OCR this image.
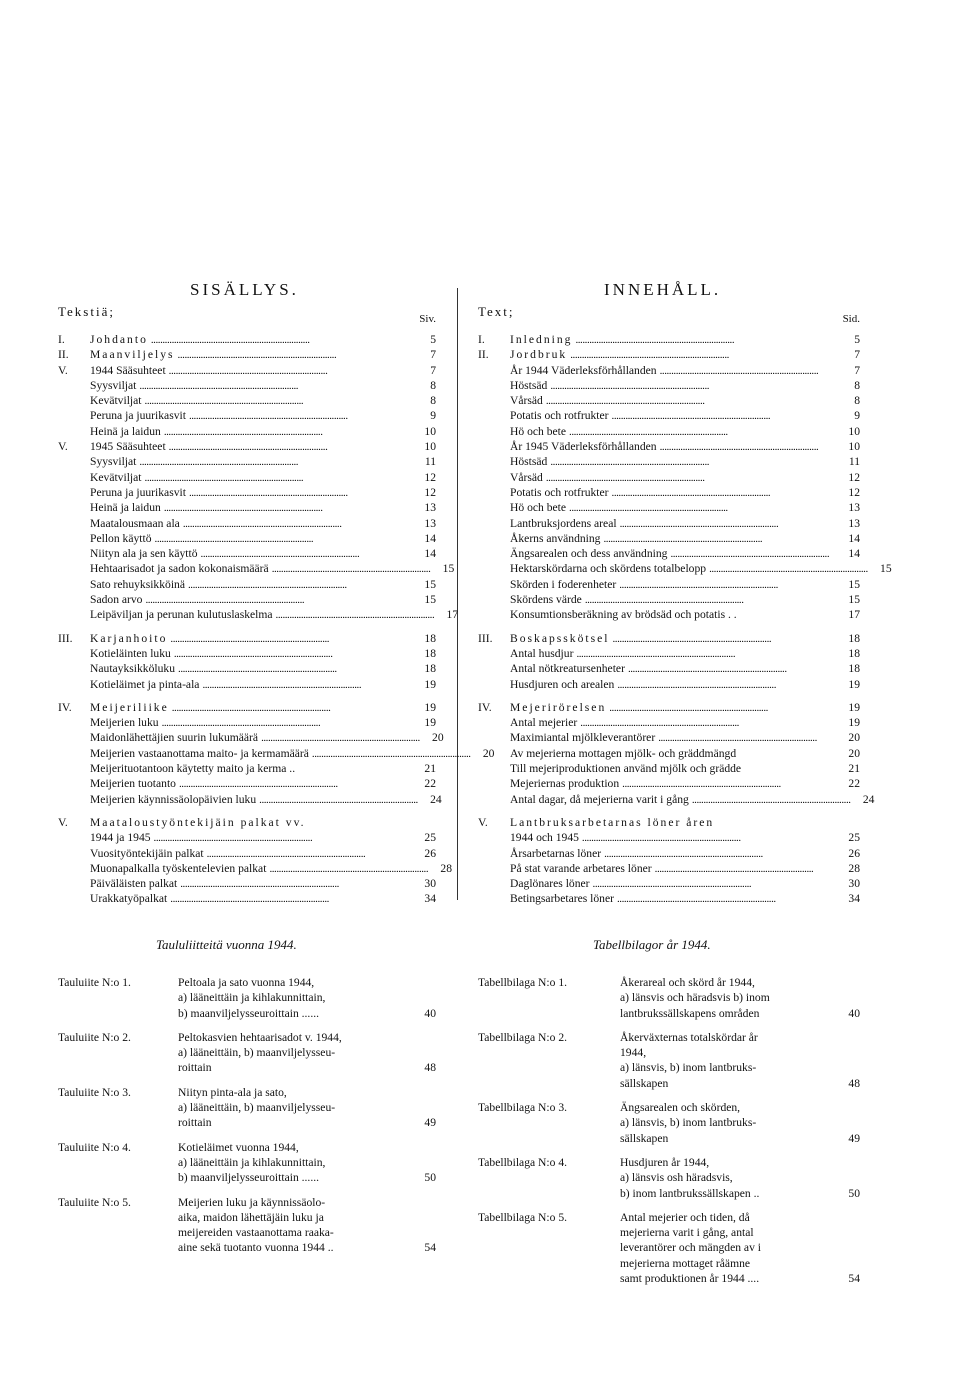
SISÄLLYS.
Tekstiä;	Siv.
I.	Johdanto . . .	5
II.	Maanviljelys . . .	7
V.	1944 Sääsuhteet . . .	7
Syysviljat . . .	8
Kevätviljat . . .	8
Peruna ja juurikasvit . . .	9
Heinä ja laidun . . .	10
V.	1945 Sääsuhteet . . .	10
Syysviljat . . .	11
Kevätviljat . . .	12
Peruna ja juurikasvit . . .	12
Heinä ja laidun . . .	13
Maatalousmaan ala . . .	13
Pellon käyttö . . .	14
Niityn ala ja sen käyttö . . .	14
Hehtaarisadot ja sadon kokonaismäärä . . .	15
Sato rehuyksikköinä . . .	15
Sadon arvo . . .	15
Leipäviljan ja perunan kulutuslaskelma . . .	17
III.	Karjanhoito . . .	18
Kotieläinten luku . . .	18
Nautayksikköluku . . .	18
Kotieläimet ja pinta-ala . . .	19
IV.	Meijeriliike . . .	19
Meijerien luku . . .	19
Maidonlähettäjien suurin lukumäärä . . .	20
Meijerien vastaanottama maito- ja kermamäärä . . .	20
Meijerituotantoon käytetty maito ja kerma ..	21
Meijerien tuotanto . . .	22
Meijerien käynnissäolopäivien luku . . .	24
V.	Maataloustyöntekijäin palkat vv.
1944 ja 1945 . . .	25
Vuosityöntekijäin palkat . . .	26
Muonapalkalla työskentelevien palkat . . .	28
Päiväläisten palkat . . .	30
Urakkatyöpalkat . . .	34
Taululiitteitä vuonna 1944.
Tauluiite N:o 1.	Peltoala ja sato vuonna 1944,
a) lääneittäin ja kihlakunnittain,
b) maanviljelysseuroittain ......	40
Tauluiite N:o 2.	Peltokasvien hehtaarisadot v. 1944,
a) lääneittäin, b) maanviljelysseu-
roittain	48
Tauluiite N:o 3.	Niityn pinta-ala ja sato,
a) lääneittäin, b) maanviljelysseu-
roittain	49
Tauluiite N:o 4.	Kotieläimet vuonna 1944,
a) lääneittäin ja kihlakunnittain,
b) maanviljelysseuroittain ......	50
Tauluiite N:o 5.	Meijerien luku ja käynnissäolo-
aika, maidon lähettäjäin luku ja
meijereiden vastaanottama raaka-
aine sekä tuotanto vuonna 1944 ..	54
INNEHÅLL.
Text;	Sid.
I.	Inledning . . .	5
II.	Jordbruk . . .	7
År 1944 Väderleksförhållanden . . .	7
Höstsäd . . .	8
Vårsäd . . .	8
Potatis och rotfrukter . . .	9
Hö och bete . . .	10
År 1945 Väderleksförhållanden . . .	10
Höstsäd . . .	11
Vårsäd . . .	12
Potatis och rotfrukter . . .	12
Hö och bete . . .	13
Lantbruksjordens areal . . .	13
Åkerns användning . . .	14
Ängsarealen och dess användning . . .	14
Hektarskördarna och skördens totalbelopp . . .	15
Skörden i foderenheter . . .	15
Skördens värde . . .	15
Konsumtionsberäkning av brödsäd och potatis . .	17
III.	Boskapsskötsel . . .	18
Antal husdjur . . .	18
Antal nötkreatursenheter . . .	18
Husdjuren och arealen . . .	19
IV.	Mejerirörelsen . . .	19
Antal mejerier . . .	19
Maximiantal mjölkleverantörer . . .	20
Av mejerierna mottagen mjölk- och gräddmängd	20
Till mejeriproduktionen använd mjölk och grädde	21
Mejeriernas produktion . . .	22
Antal dagar, då mejerierna varit i gång . . .	24
V.	Lantbruksarbetarnas löner åren
1944 och 1945 . . .	25
Årsarbetarnas löner . . .	26
På stat varande arbetares löner . . .	28
Daglönares löner . . .	30
Betingsarbetares löner . . .	34
Tabellbilagor år 1944.
Tabellbilaga N:o 1.	Åkerareal och skörd år 1944,
a) länsvis och häradsvis b) inom
lantbrukssällskapens områden	40
Tabellbilaga N:o 2.	Åkerväxternas totalskördar år
1944,
a) länsvis, b) inom lantbruks-
sällskapen	48
Tabellbilaga N:o 3.	Ängsarealen och skörden,
a) länsvis, b) inom lantbruks-
sällskapen	49
Tabellbilaga N:o 4.	Husdjuren år 1944,
a) länsvis osh häradsvis,
b) inom lantbrukssällskapen ..	50
Tabellbilaga N:o 5.	Antal mejerier och tiden, då
mejerierna varit i gång, antal
leverantörer och mängden av i
mejerierna mottaget råämne
samt produktionen år 1944 ....	54
